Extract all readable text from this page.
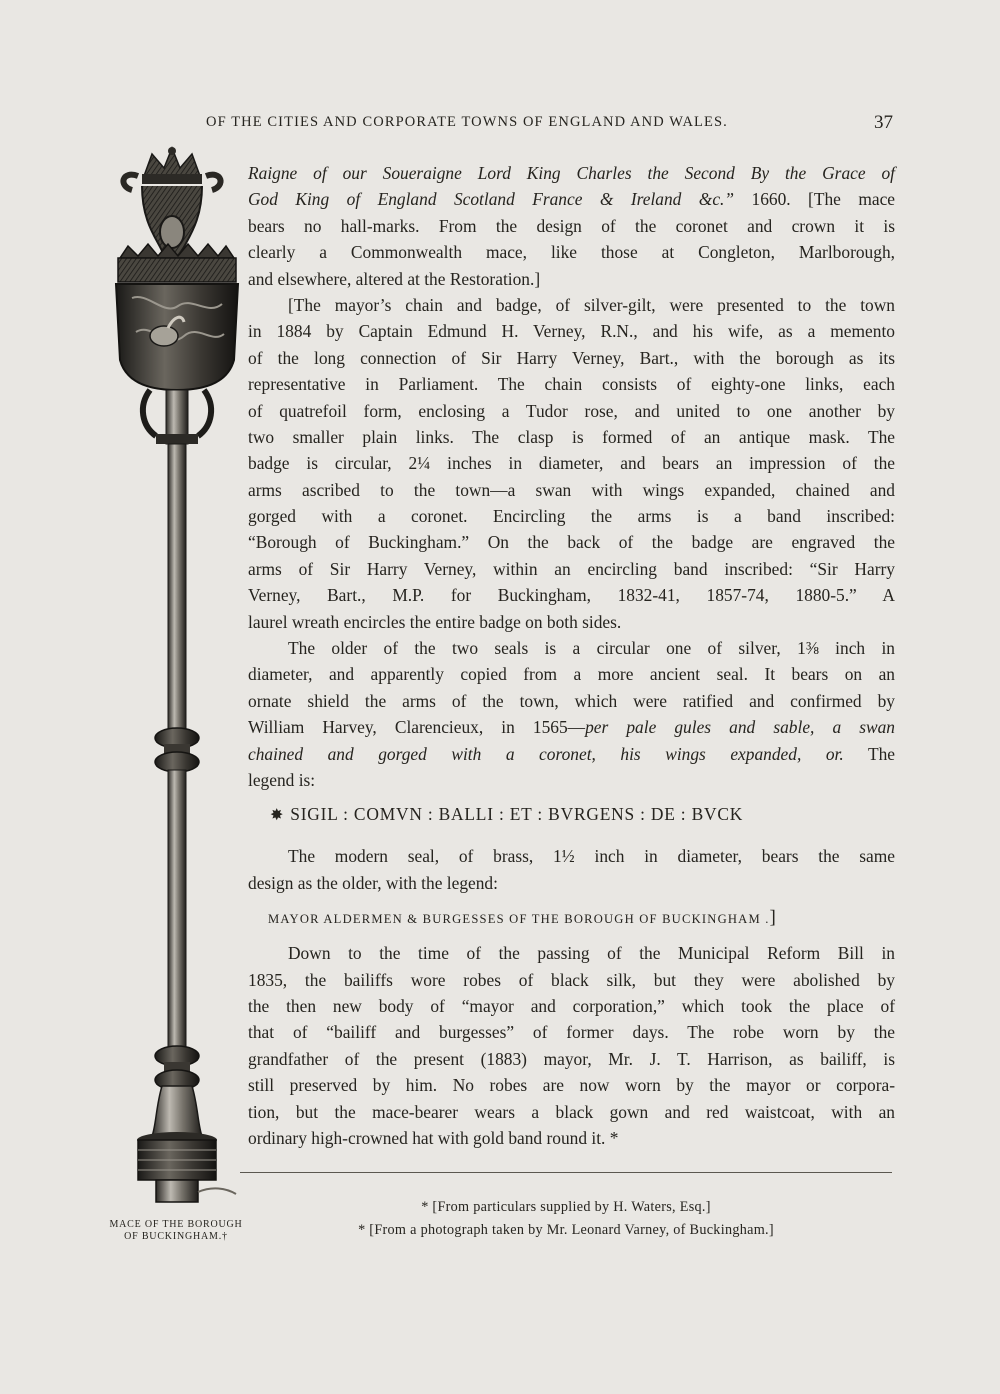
OF THE CITIES AND CORPORATE TOWNS OF ENGLAND AND WALES.	37
MACE OF THE BOROUGH
OF BUCKINGHAM.†
Raigne of our Soueraigne Lord King Charles the Second By the Grace of
God King of England Scotland France & Ireland &c.” 1660. [The mace
bears no hall-marks. From the design of the coronet and crown it is
clearly a Commonwealth mace, like those at Congleton, Marlborough,
and elsewhere, altered at the Restoration.]
[The mayor’s chain and badge, of silver-gilt, were presented to the town
in 1884 by Captain Edmund H. Verney, R.N., and his wife, as a memento
of the long connection of Sir Harry Verney, Bart., with the borough as its
representative in Parliament. The chain consists of eighty-one links, each
of quatrefoil form, enclosing a Tudor rose, and united to one another by
two smaller plain links. The clasp is formed of an antique mask. The
badge is circular, 2¼ inches in diameter, and bears an impression of the
arms ascribed to the town—a swan with wings expanded, chained and
gorged with a coronet. Encircling the arms is a band inscribed:
“Borough of Buckingham.” On the back of the badge are engraved the
arms of Sir Harry Verney, within an encircling band inscribed: “Sir Harry
Verney, Bart., M.P. for Buckingham, 1832-41, 1857-74, 1880-5.” A
laurel wreath encircles the entire badge on both sides.
The older of the two seals is a circular one of silver, 1⅜ inch in
diameter, and apparently copied from a more ancient seal. It bears on an
ornate shield the arms of the town, which were ratified and confirmed by
William Harvey, Clarencieux, in 1565—per pale gules and sable, a swan
chained and gorged with a coronet, his wings expanded, or. The
legend is:
✸ SIGIL : COMVN : BALLI : ET : BVRGENS : DE : BVCK
The modern seal, of brass, 1½ inch in diameter, bears the same
design as the older, with the legend:
MAYOR ALDERMEN & BURGESSES OF THE BOROUGH OF BUCKINGHAM .]
Down to the time of the passing of the Municipal Reform Bill in
1835, the bailiffs wore robes of black silk, but they were abolished by
the then new body of “mayor and corporation,” which took the place of
that of “bailiff and burgesses” of former days. The robe worn by the
grandfather of the present (1883) mayor, Mr. J. T. Harrison, as bailiff, is
still preserved by him. No robes are now worn by the mayor or corpora-
tion, but the mace-bearer wears a black gown and red waistcoat, with an
ordinary high-crowned hat with gold band round it. *
* [From particulars supplied by H. Waters, Esq.]
* [From a photograph taken by Mr. Leonard Varney, of Buckingham.]
